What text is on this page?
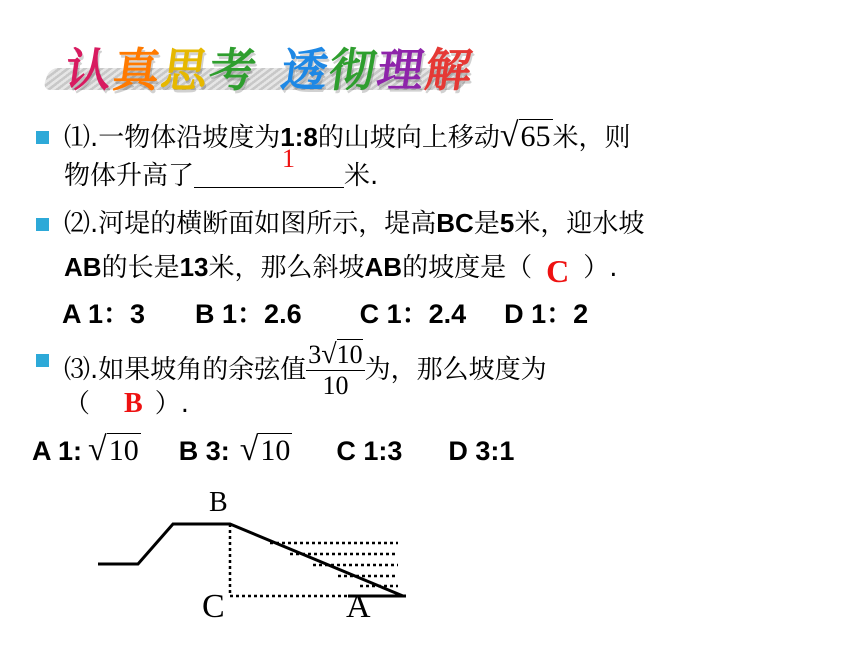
认真思考 透彻理解
⑴.一物体沿坡度为1:8的山坡向上移动√65米，则
物体升高了
1
米.
⑵.河堤的横断面如图所示，堤高BC是5米，迎水坡
AB的长是13米，那么斜坡AB的坡度是（ C ）.
A 1：3 B 1：2.6 C 1：2.4 D 1：2
⑶.如果坡角的余弦值 $\frac{3√10}{10}$ 为，那么坡度为
（ B ）.
A 1: √10 B 3: √10 C 1:3 D 3:1
B
C	A
